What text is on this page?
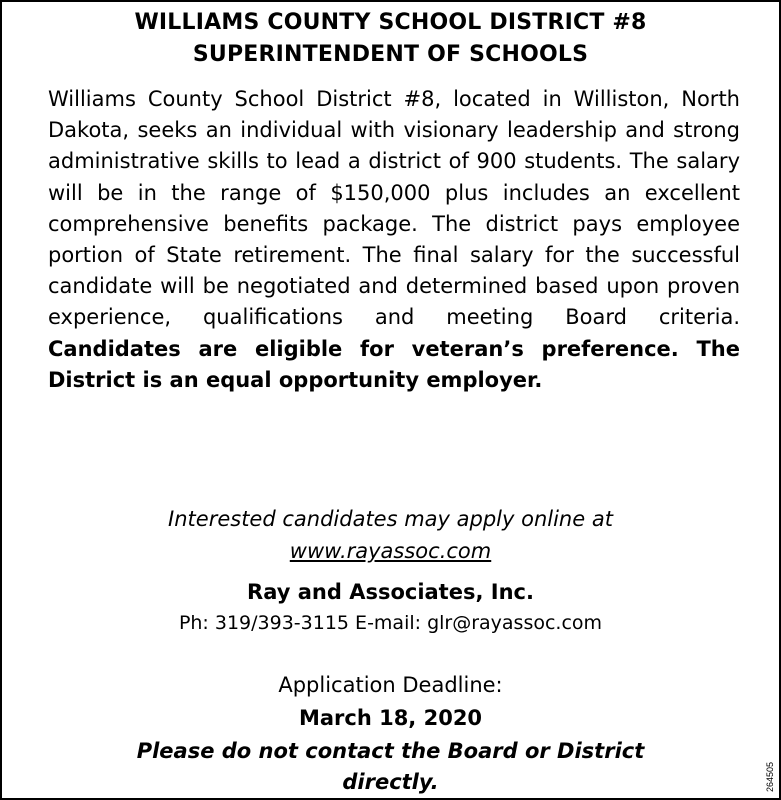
WILLIAMS COUNTY SCHOOL DISTRICT #8
SUPERINTENDENT OF SCHOOLS

Williams County School District #8, located in Williston, North Dakota, seeks an individual with visionary leadership and strong administrative skills to lead a district of 900 students. The salary will be in the range of $150,000 plus includes an excellent comprehensive benefits package. The district pays employee portion of State retirement. The final salary for the successful candidate will be negotiated and determined based upon proven experience, qualifications and meeting Board criteria. Candidates are eligible for veteran’s preference. The District is an equal opportunity employer.

Interested candidates may apply online at

www.rayassoc.com

Ray and Associates, Inc.

Ph: 319/393-3115 E-mail: glr@rayassoc.com

Application Deadline:

March 18, 2020

Please do not contact the Board or District directly.	264505
